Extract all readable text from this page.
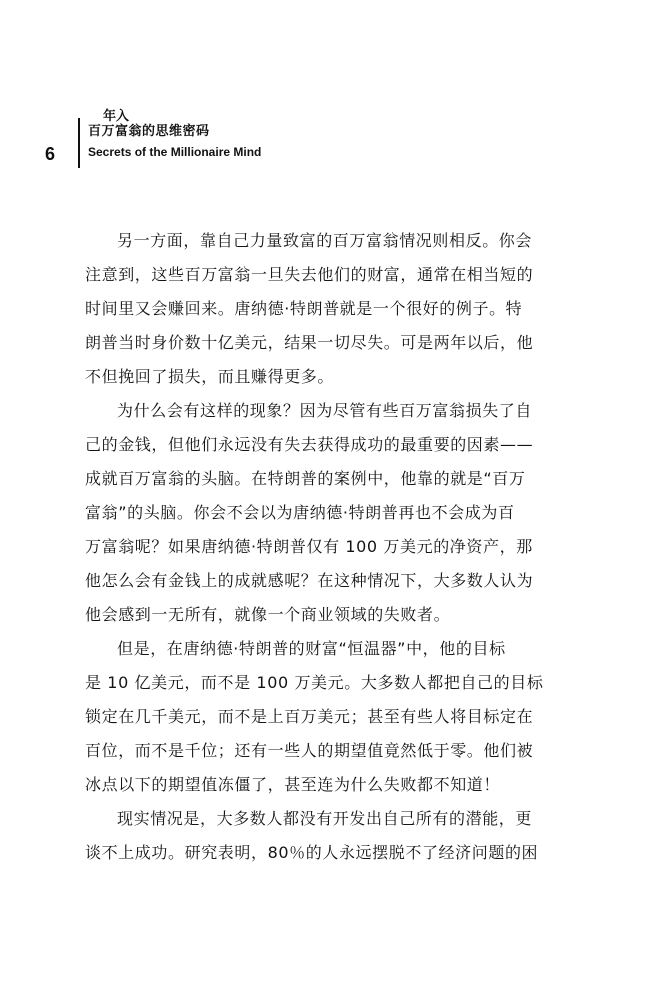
6
年入
百万富翁的思维密码
Secrets of the Millionaire Mind
另一方面，靠自己力量致富的百万富翁情况则相反。你会
注意到，这些百万富翁一旦失去他们的财富，通常在相当短的
时间里又会赚回来。唐纳德·特朗普就是一个很好的例子。特
朗普当时身价数十亿美元，结果一切尽失。可是两年以后，他
不但挽回了损失，而且赚得更多。
为什么会有这样的现象？因为尽管有些百万富翁损失了自
己的金钱，但他们永远没有失去获得成功的最重要的因素——
成就百万富翁的头脑。在特朗普的案例中，他靠的就是“百万
富翁”的头脑。你会不会以为唐纳德·特朗普再也不会成为百
万富翁呢？如果唐纳德·特朗普仅有 100 万美元的净资产，那
他怎么会有金钱上的成就感呢？在这种情况下，大多数人认为
他会感到一无所有，就像一个商业领域的失败者。
但是，在唐纳德·特朗普的财富“恒温器”中，他的目标
是 10 亿美元，而不是 100 万美元。大多数人都把自己的目标
锁定在几千美元，而不是上百万美元；甚至有些人将目标定在
百位，而不是千位；还有一些人的期望值竟然低于零。他们被
冰点以下的期望值冻僵了，甚至连为什么失败都不知道！
现实情况是，大多数人都没有开发出自己所有的潜能，更
谈不上成功。研究表明，80％的人永远摆脱不了经济问题的困
